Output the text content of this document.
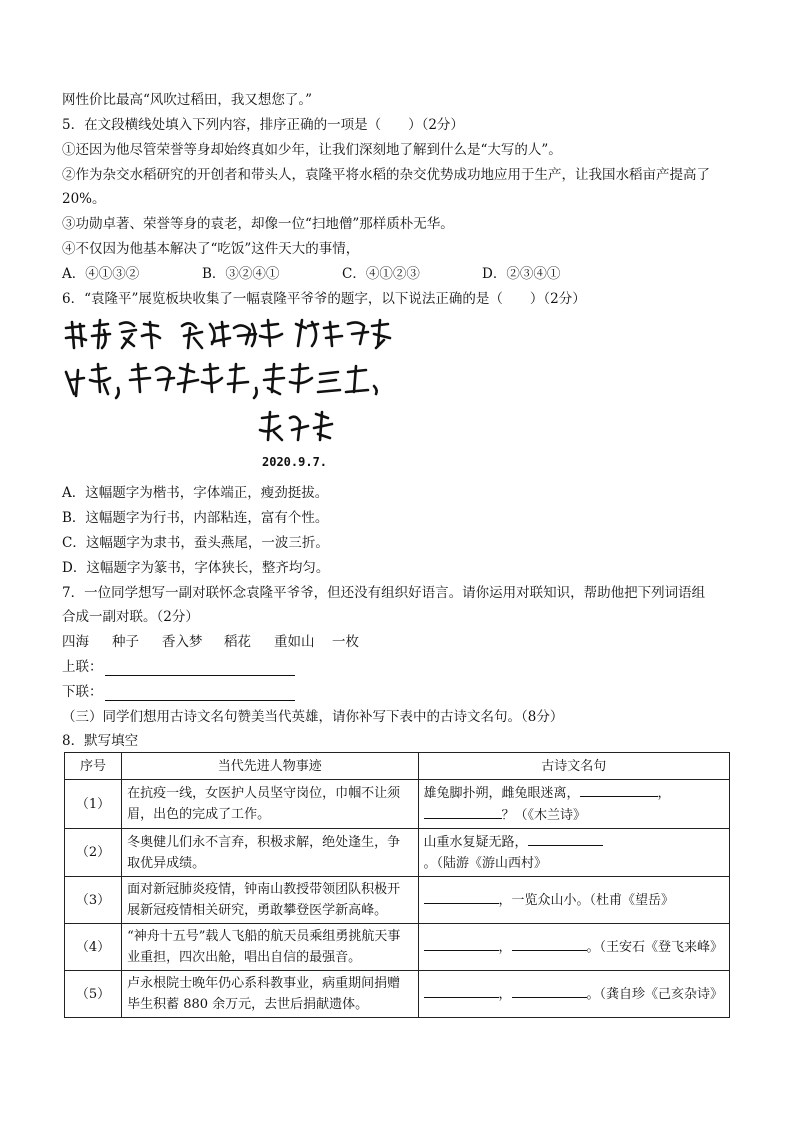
网性价比最高“风吹过稻田，我又想您了。”
5．在文段横线处填入下列内容，排序正确的一项是（　　）（2分）
①还因为他尽管荣誉等身却始终真如少年，让我们深刻地了解到什么是“大写的人”。
②作为杂交水稻研究的开创者和带头人，袁隆平将水稻的杂交优势成功地应用于生产，让我国水稻亩产提高了
20%。
③功勋卓著、荣誉等身的袁老，却像一位“扫地僧”那样质朴无华。
④不仅因为他基本解决了“吃饭”这件天大的事情，
A．④①③②	B．③②④①	C．④①②③	D．②③④①
6．“袁隆平”展览板块收集了一幅袁隆平爷爷的题字，以下说法正确的是（　　）（2分）
2020.9.7.
A．这幅题字为楷书，字体端正，瘦劲挺拔。
B．这幅题字为行书，内部粘连，富有个性。
C．这幅题字为隶书，蚕头燕尾，一波三折。
D．这幅题字为篆书，字体狭长，整齐均匀。
7．一位同学想写一副对联怀念袁隆平爷爷，但还没有组织好语言。请你运用对联知识，帮助他把下列词语组
合成一副对联。（2分）
四海 种子 香入梦 稻花 重如山 一枚
上联：
下联：
（三）同学们想用古诗文名句赞美当代英雄，请你补写下表中的古诗文名句。（8分）
8．默写填空
序号	当代先进人物事迹	古诗文名句
（1）	在抗疫一线，女医护人员坚守岗位，巾帼不让须眉，出色的完成了工作。	雄兔脚扑朔，雌兔眼迷离， ，
？（《木兰诗》
（2）	冬奥健儿们永不言弃，积极求解，绝处逢生，争取优异成绩。	山重水复疑无路，。（陆游《游山西村》
（3）	面对新冠肺炎疫情，钟南山教授带领团队积极开展新冠疫情相关研究，勇敢攀登医学新高峰。	，一览众山小。（杜甫《望岳》
（4）	“神舟十五号”载人飞船的航天员乘组勇挑航天事业重担，四次出舱，唱出自信的最强音。	， 。（王安石《登飞来峰》
（5）	卢永根院士晚年仍心系科教事业，病重期间捐赠毕生积蓄 880 余万元，去世后捐献遗体。	， 。（龚自珍《己亥杂诗》
